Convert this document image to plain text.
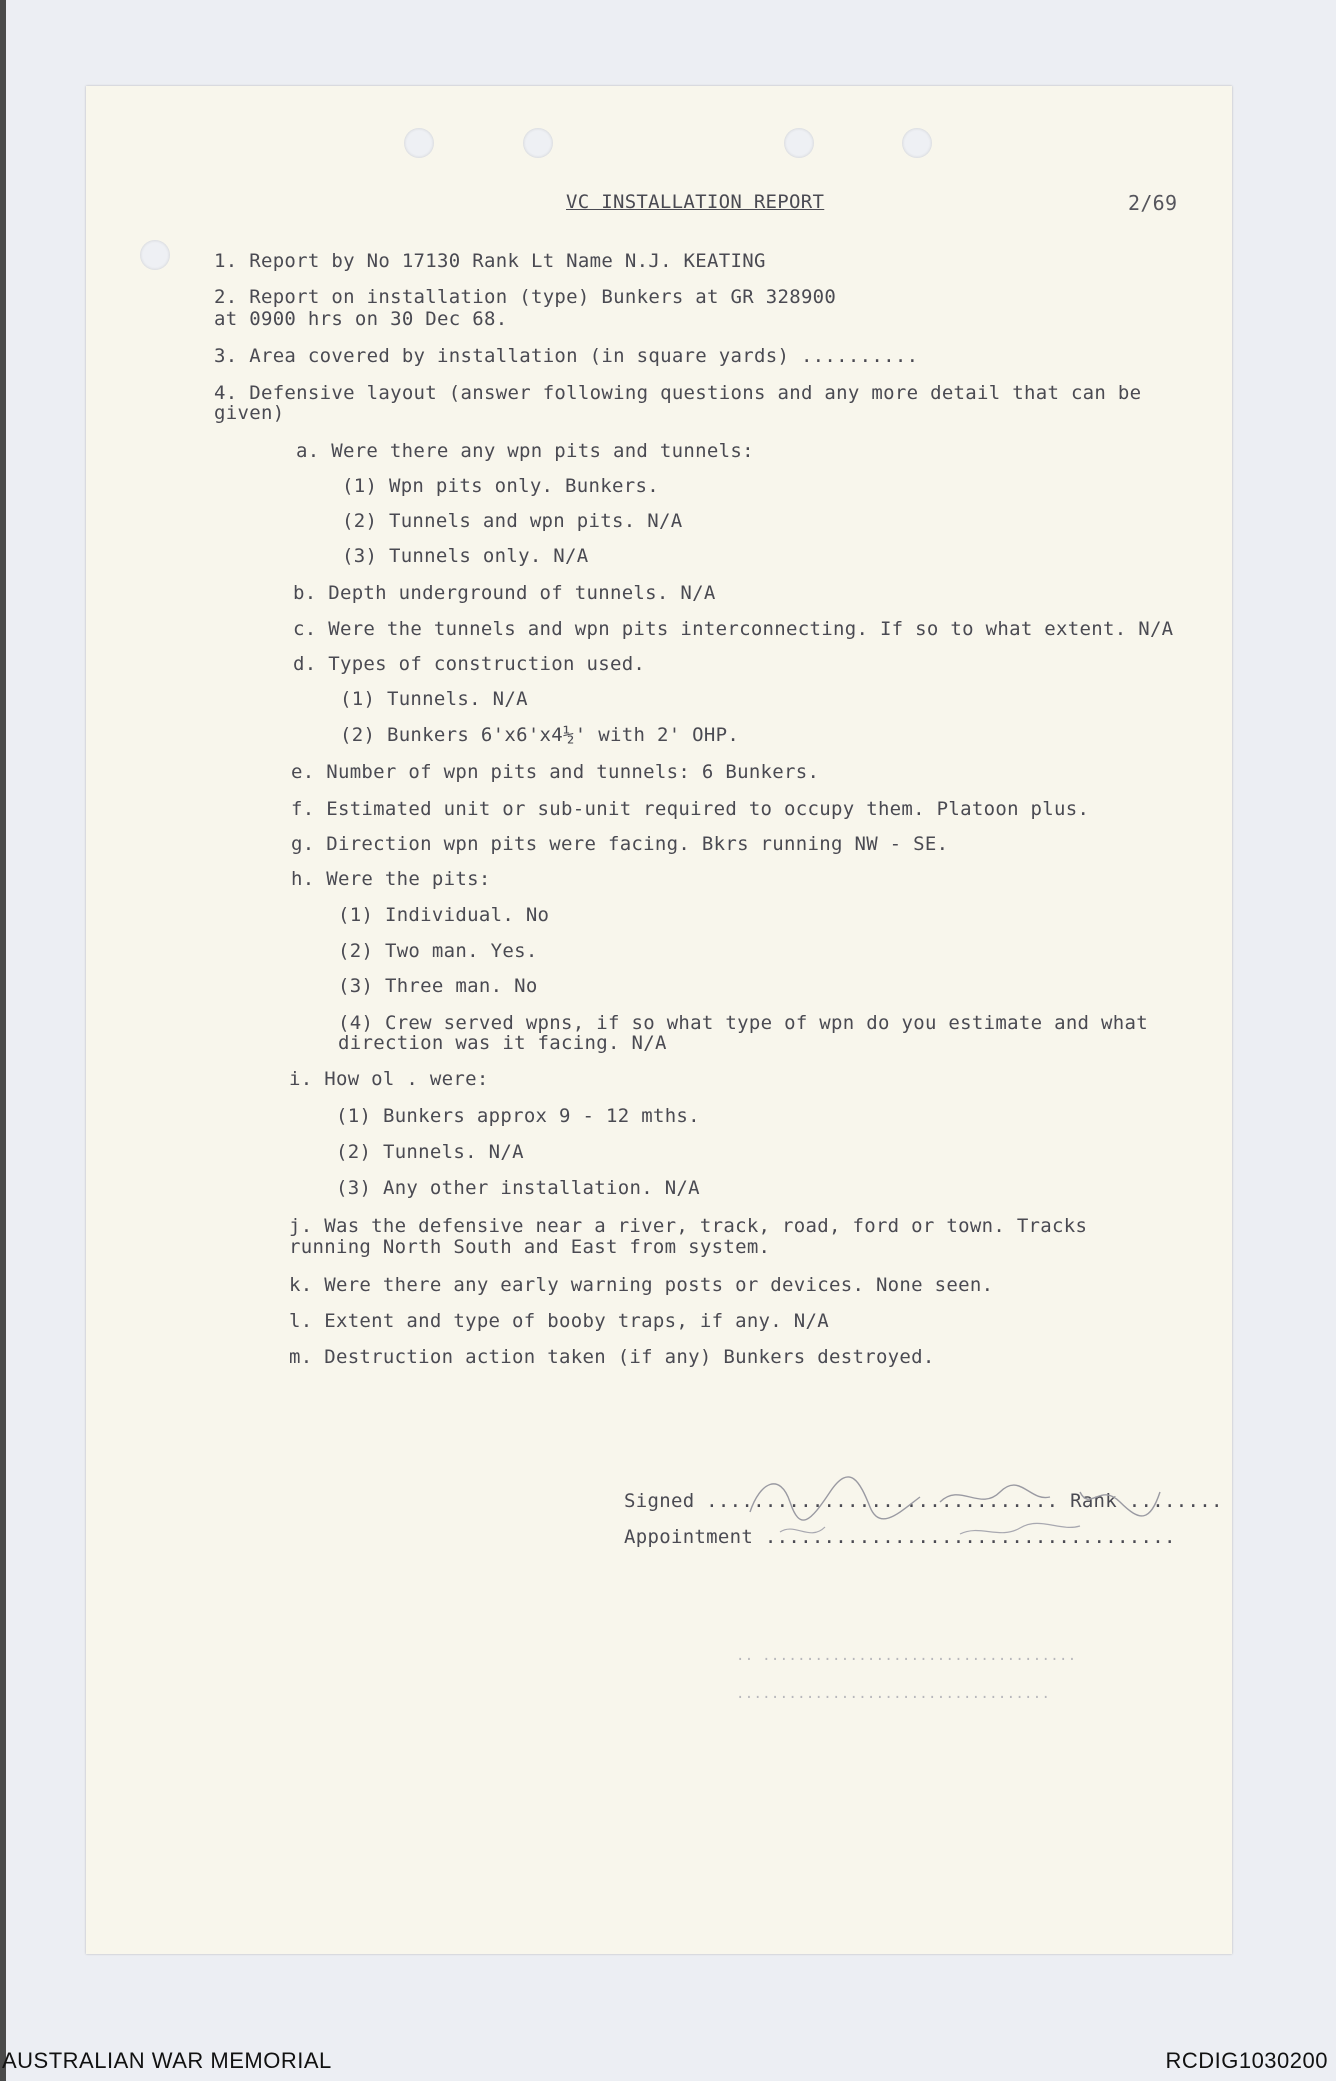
VC INSTALLATION REPORT	2/69
1. Report by No 17130 Rank Lt Name N.J. KEATING
2. Report on installation (type) Bunkers at GR 328900
at 0900 hrs on 30 Dec 68.
3. Area covered by installation (in square yards) ..........
4. Defensive layout (answer following questions and any more detail that can be
given)
a. Were there any wpn pits and tunnels:
(1) Wpn pits only. Bunkers.
(2) Tunnels and wpn pits. N/A
(3) Tunnels only. N/A
b. Depth underground of tunnels. N/A
c. Were the tunnels and wpn pits interconnecting. If so to what extent. N/A
d. Types of construction used.
(1) Tunnels. N/A
(2) Bunkers 6'x6'x4½' with 2' OHP.
e. Number of wpn pits and tunnels: 6 Bunkers.
f. Estimated unit or sub-unit required to occupy them. Platoon plus.
g. Direction wpn pits were facing. Bkrs running NW - SE.
h. Were the pits:
(1) Individual. No
(2) Two man. Yes.
(3) Three man. No
(4) Crew served wpns, if so what type of wpn do you estimate and what
direction was it facing. N/A
i. How ol . were:
(1) Bunkers approx 9 - 12 mths.
(2) Tunnels. N/A
(3) Any other installation. N/A
j. Was the defensive near a river, track, road, ford or town. Tracks
running North South and East from system.
k. Were there any early warning posts or devices. None seen.
l. Extent and type of booby traps, if any. N/A
m. Destruction action taken (if any) Bunkers destroyed.
Signed .............................. Rank ........
Appointment ...................................
.. ....................................
....................................
AUSTRALIAN WAR MEMORIAL	RCDIG1030200
